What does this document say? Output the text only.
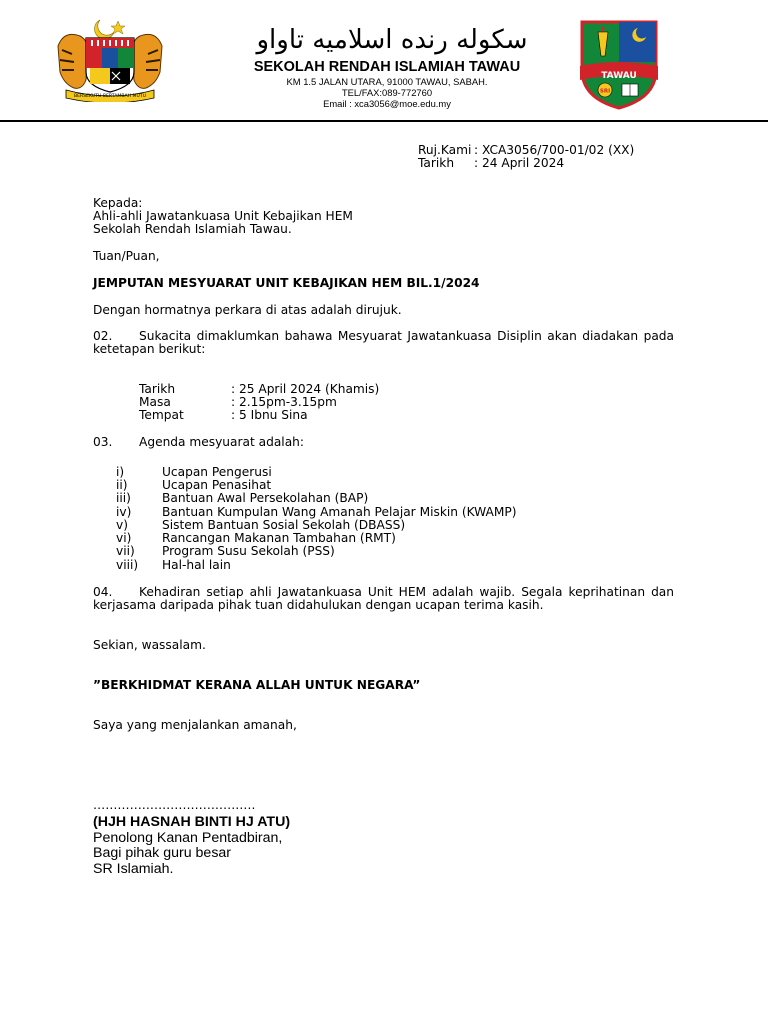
BERSEKUTU BERTAMBAH MUTU
سكوله رنده اسلاميه تاواو
SEKOLAH RENDAH ISLAMIAH TAWAU
KM 1.5 JALAN UTARA, 91000 TAWAU, SABAH.
TEL/FAX:089-772760
Email : xca3056@moe.edu.my
TAWAU
SRI
Ruj.Kami : XCA3056/700-01/02 (XX)
Tarikh : 24 April 2024
Kepada:
Ahli-ahli Jawatankuasa Unit Kebajikan HEM
Sekolah Rendah Islamiah Tawau.
Tuan/Puan,
JEMPUTAN MESYUARAT UNIT KEBAJIKAN HEM BIL.1/2024
Dengan hormatnya perkara di atas adalah dirujuk.
02. Sukacita dimaklumkan bahawa Mesyuarat Jawatankuasa Disiplin akan diadakan pada
ketetapan berikut:
Tarikh	: 25 April 2024 (Khamis)
Masa	: 2.15pm-3.15pm
Tempat	: 5 Ibnu Sina
03. Agenda mesyuarat adalah:
i)	Ucapan Pengerusi
ii)	Ucapan Penasihat
iii)	Bantuan Awal Persekolahan (BAP)
iv)	Bantuan Kumpulan Wang Amanah Pelajar Miskin (KWAMP)
v)	Sistem Bantuan Sosial Sekolah (DBASS)
vi)	Rancangan Makanan Tambahan (RMT)
vii) Program Susu Sekolah (PSS)
viii) Hal-hal lain
04. Kehadiran setiap ahli Jawatankuasa Unit HEM adalah wajib. Segala keprihatinan dan
kerjasama daripada pihak tuan didahulukan dengan ucapan terima kasih.
Sekian, wassalam.
”BERKHIDMAT KERANA ALLAH UNTUK NEGARA”
Saya yang menjalankan amanah,
………………………………….
(HJH HASNAH BINTI HJ ATU)
Penolong Kanan Pentadbiran,
Bagi pihak guru besar
SR Islamiah.
